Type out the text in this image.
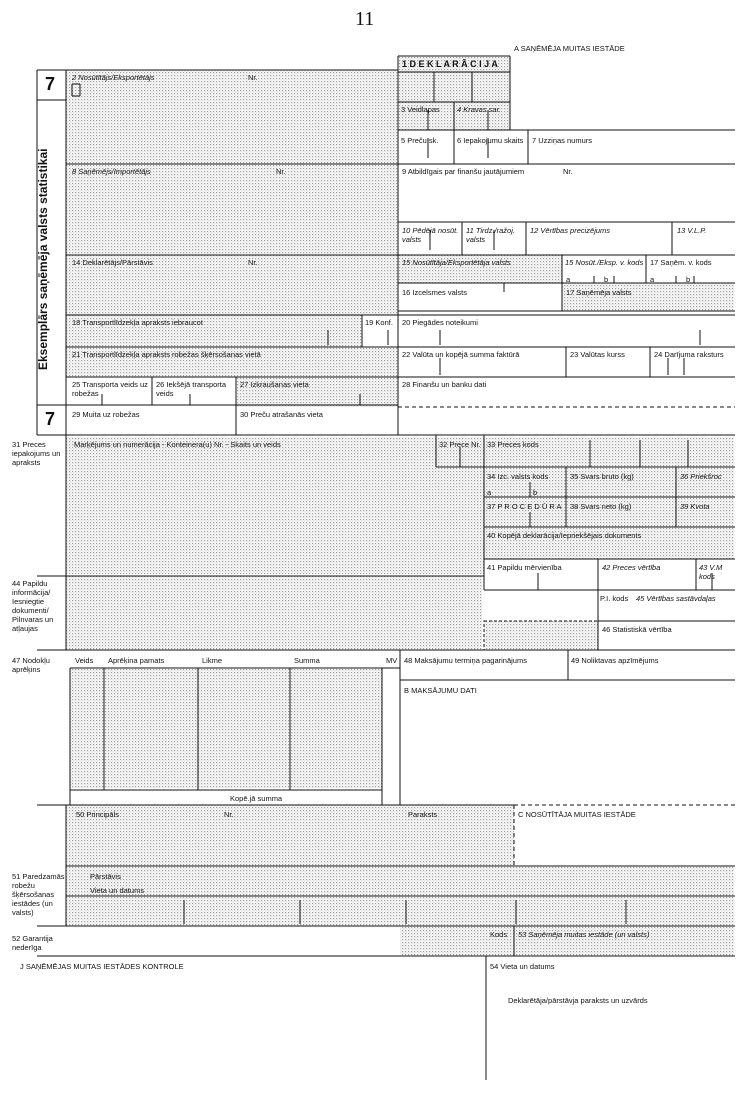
11
7
7
Eksemplārs saņēmēja valsts statistikai
A SAŅĒMĒJA MUITAS IESTĀDE
1 D E K L A R Ā C I J A
2 Nosūtītājs/Eksportētājs	Nr.
3 Veidlapas 4 Kravas sar.
5 Preču sk. 6 Iepakojumu skaits 7 Uzziņas numurs
8 Saņēmējs/Importētājs	Nr.	9 Atbildīgais par finanšu jautājumiem	Nr.
10 Pēdējā nosūt. valsts
11 Tirdz./ražoj. valsts
12 Vērtības precizējums	13 V.L.P.
14 Deklarētājs/Pārstāvis	Nr.	15 Nosūtītāja/Eksportētāja valsts	15 Nosūt./Eksp. v. kods 17 Saņēm. v. kods
a	b	a	b
16 Izcelsmes valsts	17 Saņēmēja valsts
18 Transportlīdzekļa apraksts iebraucot	19 Konf. 20 Piegādes noteikumi
21 Transportlīdzekļa apraksts robežas šķērsošanas vietā	22 Valūta un kopējā summa faktūrā	23 Valūtas kurss	24 Darījuma raksturs
25 Transporta veids uz robežas
26 Iekšējā transporta veids
27 Izkraušanas vieta	28 Finanšu un banku dati
29 Muita uz robežas	30 Preču atrašanās vieta
31 Preces iepakojums un apraksts
Marķējums un numerācija - Konteinera(u) Nr. - Skaits un veids	32 Prece Nr. 33 Preces kods
34 Izc. valsts kods	35 Svars bruto (kg)	36 Priekšroc
a	b
37 P R O C E D Ū R A 38 Svars neto (kg)	39 Kvota
40 Kopējā deklarācija/Iepriekšējais dokuments
41 Papildu mērvienība	42 Preces vērtība	43 V.M kods
44 Papildu informācija/ Iesniegtie dokumenti/ Pilnvaras un atļaujas
P.I. kods 45 Vērtības sastāvdaļas
46 Statistiskā vērtība
47 Nodokļu aprēķins
Veids Aprēķina pamats	Likme	Summa	MV
Kopē.jā summa
48 Maksājumu termiņa pagarinājums	49 Noliktavas apzīmējums
B MAKSĀJUMU DATI
50 Principāls	Nr.	Paraksts	C NOSŪTĪTĀJA MUITAS IESTĀDE
Pārstāvis
Vieta un datums
51 Paredzamās robežu šķērsošanas iestādes (un valsts)
52 Garantija nederīga
Kods 53 Saņēmēja muitas iestāde (un valsts)
J SAŅĒMĒJAS MUITAS IESTĀDES KONTROLE	54 Vieta un datums
Deklarētāja/pārstāvja paraksts un uzvārds
